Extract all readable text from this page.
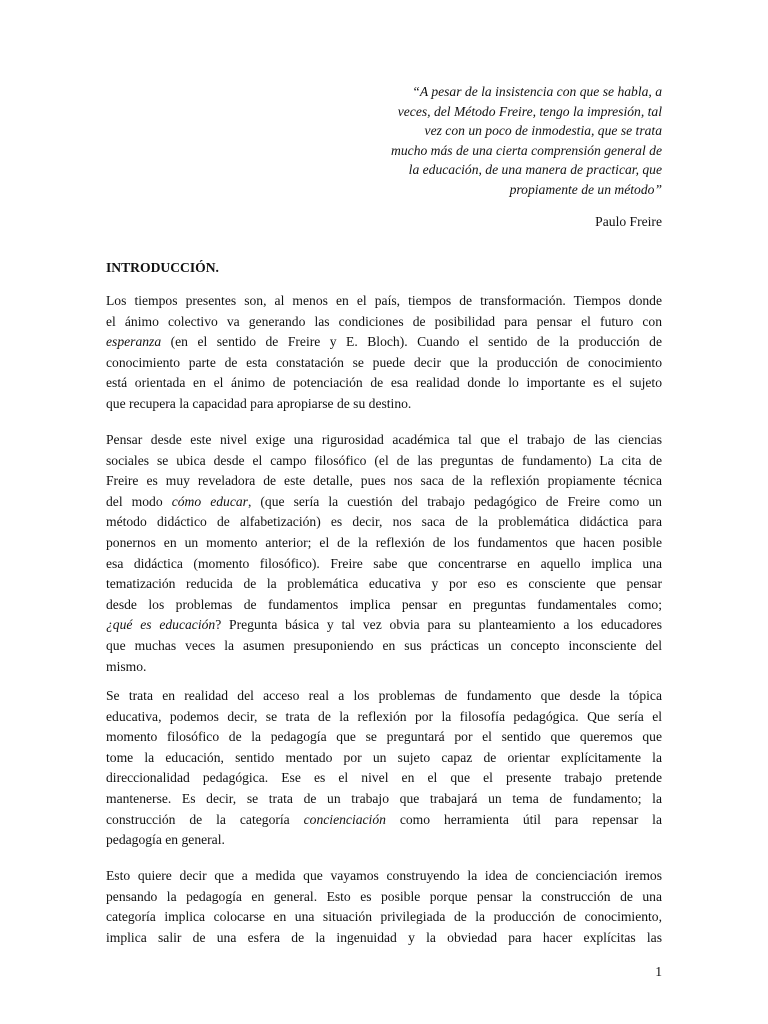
“A pesar de la insistencia con que se habla, a
veces, del Método Freire, tengo la impresión, tal
vez con un poco de inmodestia, que se trata
mucho más de una cierta comprensión general de
la educación, de una manera de practicar, que
propiamente de un método”
Paulo Freire
INTRODUCCIÓN.
Los tiempos presentes son, al menos en el país, tiempos de transformación. Tiempos donde
el ánimo colectivo va generando las condiciones de posibilidad para pensar el futuro con
esperanza (en el sentido de Freire y E. Bloch). Cuando el sentido de la producción de
conocimiento parte de esta constatación se puede decir que la producción de conocimiento
está orientada en el ánimo de potenciación de esa realidad donde lo importante es el sujeto
que recupera la capacidad para apropiarse de su destino.
Pensar desde este nivel exige una rigurosidad académica tal que el trabajo de las ciencias
sociales se ubica desde el campo filosófico (el de las preguntas de fundamento) La cita de
Freire es muy reveladora de este detalle, pues nos saca de la reflexión propiamente técnica
del modo cómo educar, (que sería la cuestión del trabajo pedagógico de Freire como un
método didáctico de alfabetización) es decir, nos saca de la problemática didáctica para
ponernos en un momento anterior; el de la reflexión de los fundamentos que hacen posible
esa didáctica (momento filosófico). Freire sabe que concentrarse en aquello implica una
tematización reducida de la problemática educativa y por eso es consciente que pensar
desde los problemas de fundamentos implica pensar en preguntas fundamentales como;
¿qué es educación? Pregunta básica y tal vez obvia para su planteamiento a los educadores
que muchas veces la asumen presuponiendo en sus prácticas un concepto inconsciente del
mismo.
Se trata en realidad del acceso real a los problemas de fundamento que desde la tópica
educativa, podemos decir, se trata de la reflexión por la filosofía pedagógica. Que sería el
momento filosófico de la pedagogía que se preguntará por el sentido que queremos que
tome la educación, sentido mentado por un sujeto capaz de orientar explícitamente la
direccionalidad pedagógica. Ese es el nivel en el que el presente trabajo pretende
mantenerse. Es decir, se trata de un trabajo que trabajará un tema de fundamento; la
construcción de la categoría concienciación como herramienta útil para repensar la
pedagogía en general.
Esto quiere decir que a medida que vayamos construyendo la idea de concienciación iremos
pensando la pedagogía en general. Esto es posible porque pensar la construcción de una
categoría implica colocarse en una situación privilegiada de la producción de conocimiento,
implica salir de una esfera de la ingenuidad y la obviedad para hacer explícitas las
1
